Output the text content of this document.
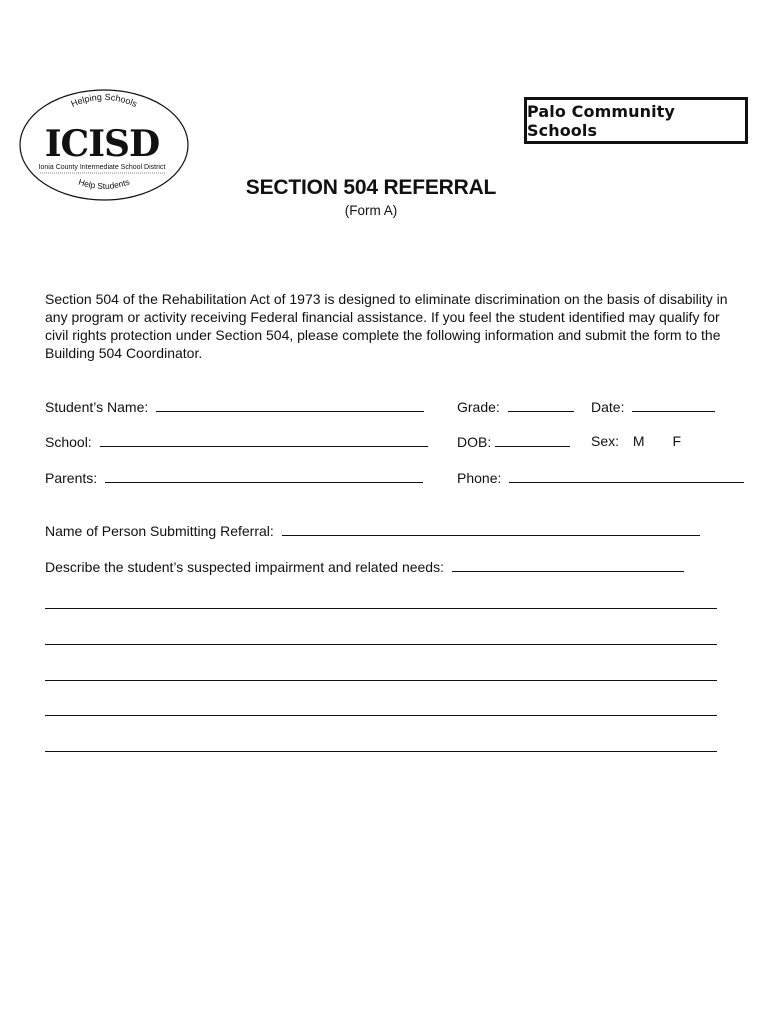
Helping Schools
ICISD
Ionia County Intermediate School District
Help Students
Palo Community Schools
SECTION 504 REFERRAL
(Form A)
Section 504 of the Rehabilitation Act of 1973 is designed to eliminate discrimination on the basis of disability in any program or activity receiving Federal financial assistance. If you feel the student identified may qualify for civil rights protection under Section 504, please complete the following information and submit the form to the Building 504 Coordinator.
Student’s Name:	Grade:	Date:
School:	DOB:	Sex: M F
Parents:	Phone:
Name of Person Submitting Referral:
Describe the student’s suspected impairment and related needs:
